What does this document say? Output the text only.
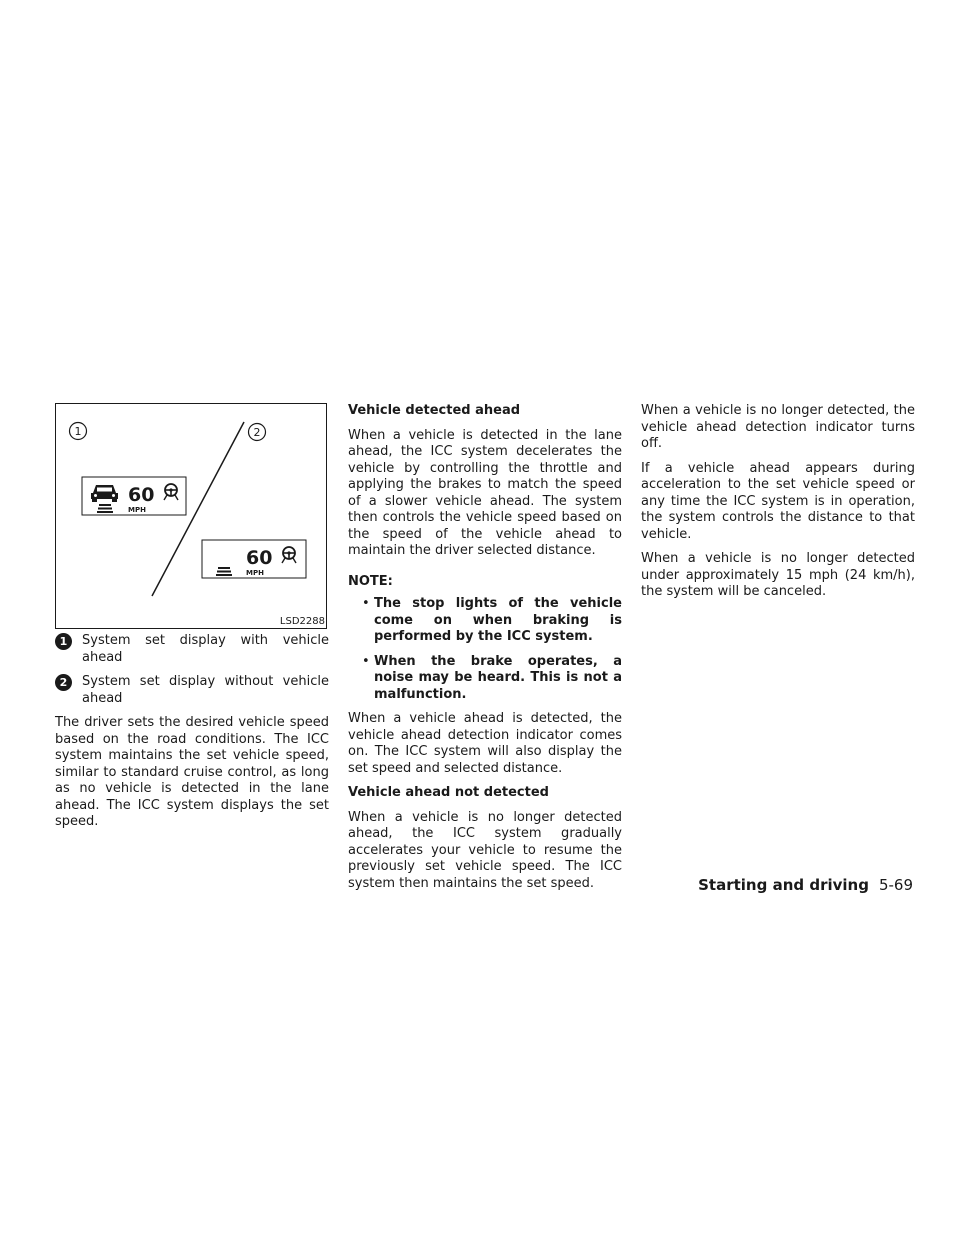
1	2
60
MPH
60
MPH
LSD2288
1	System set display with vehicle ahead
2	System set display without vehicle ahead

The driver sets the desired vehicle speed based on the road conditions. The ICC system maintains the set vehicle speed, similar to standard cruise control, as long as no vehicle is detected in the lane ahead. The ICC system displays the set speed.

Vehicle detected ahead

When a vehicle is detected in the lane ahead, the ICC system decelerates the vehicle by controlling the throttle and applying the brakes to match the speed of a slower vehicle ahead. The system then controls the vehicle speed based on the speed of the vehicle ahead to maintain the driver selected distance.

NOTE:
• The stop lights of the vehicle come on when braking is performed by the ICC system.
• When the brake operates, a noise may be heard. This is not a malfunction.

When a vehicle ahead is detected, the vehicle ahead detection indicator comes on. The ICC system will also display the set speed and selected distance.

Vehicle ahead not detected

When a vehicle is no longer detected ahead, the ICC system gradually accelerates your vehicle to resume the previously set vehicle speed. The ICC system then maintains the set speed.

When a vehicle is no longer detected, the vehicle ahead detection indicator turns off.

If a vehicle ahead appears during acceleration to the set vehicle speed or any time the ICC system is in operation, the system controls the distance to that vehicle.

When a vehicle is no longer detected under approximately 15 mph (24 km/h), the system will be canceled.

Starting and driving 5-69
